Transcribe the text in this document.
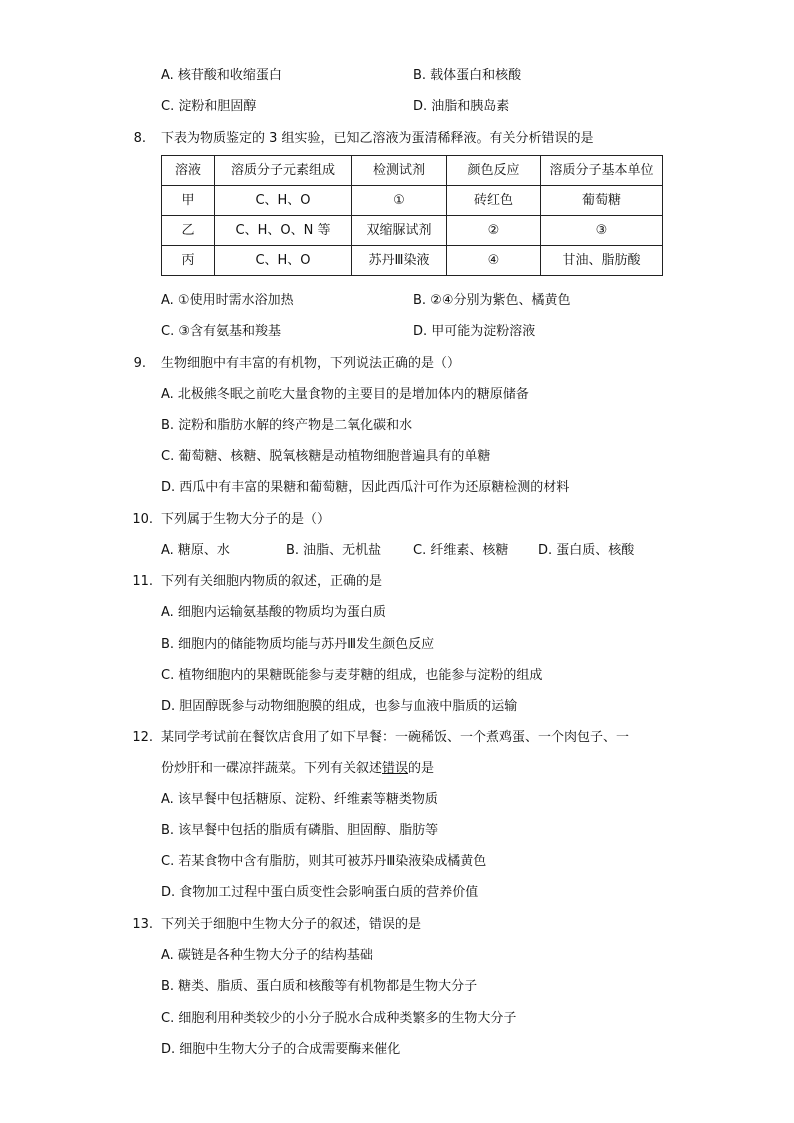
A. 核苷酸和收缩蛋白	B. 载体蛋白和核酸
C. 淀粉和胆固醇	D. 油脂和胰岛素
8. 下表为物质鉴定的 3 组实验，已知乙溶液为蛋清稀释液。有关分析错误的是
溶液	溶质分子元素组成	检测试剂	颜色反应	溶质分子基本单位
甲	C、H、O	①	砖红色	葡萄糖
乙	C、H、O、N 等	双缩脲试剂	②	③
丙	C、H、O	苏丹Ⅲ染液	④	甘油、脂肪酸
A. ①使用时需水浴加热	B. ②④分别为紫色、橘黄色
C. ③含有氨基和羧基	D. 甲可能为淀粉溶液
9. 生物细胞中有丰富的有机物，下列说法正确的是（）
A. 北极熊冬眠之前吃大量食物的主要目的是增加体内的糖原储备
B. 淀粉和脂肪水解的终产物是二氧化碳和水
C. 葡萄糖、核糖、脱氧核糖是动植物细胞普遍具有的单糖
D. 西瓜中有丰富的果糖和葡萄糖，因此西瓜汁可作为还原糖检测的材料
10. 下列属于生物大分子的是（）
A. 糖原、水	B. 油脂、无机盐 C. 纤维素、核糖 D. 蛋白质、核酸
11. 下列有关细胞内物质的叙述，正确的是
A. 细胞内运输氨基酸的物质均为蛋白质
B. 细胞内的储能物质均能与苏丹Ⅲ发生颜色反应
C. 植物细胞内的果糖既能参与麦芽糖的组成，也能参与淀粉的组成
D. 胆固醇既参与动物细胞膜的组成，也参与血液中脂质的运输
12. 某同学考试前在餐饮店食用了如下早餐：一碗稀饭、一个煮鸡蛋、一个肉包子、一
份炒肝和一碟凉拌蔬菜。下列有关叙述错误的是
A. 该早餐中包括糖原、淀粉、纤维素等糖类物质
B. 该早餐中包括的脂质有磷脂、胆固醇、脂肪等
C. 若某食物中含有脂肪，则其可被苏丹Ⅲ染液染成橘黄色
D. 食物加工过程中蛋白质变性会影响蛋白质的营养价值
13. 下列关于细胞中生物大分子的叙述，错误的是
A. 碳链是各种生物大分子的结构基础
B. 糖类、脂质、蛋白质和核酸等有机物都是生物大分子
C. 细胞利用种类较少的小分子脱水合成种类繁多的生物大分子
D. 细胞中生物大分子的合成需要酶来催化
